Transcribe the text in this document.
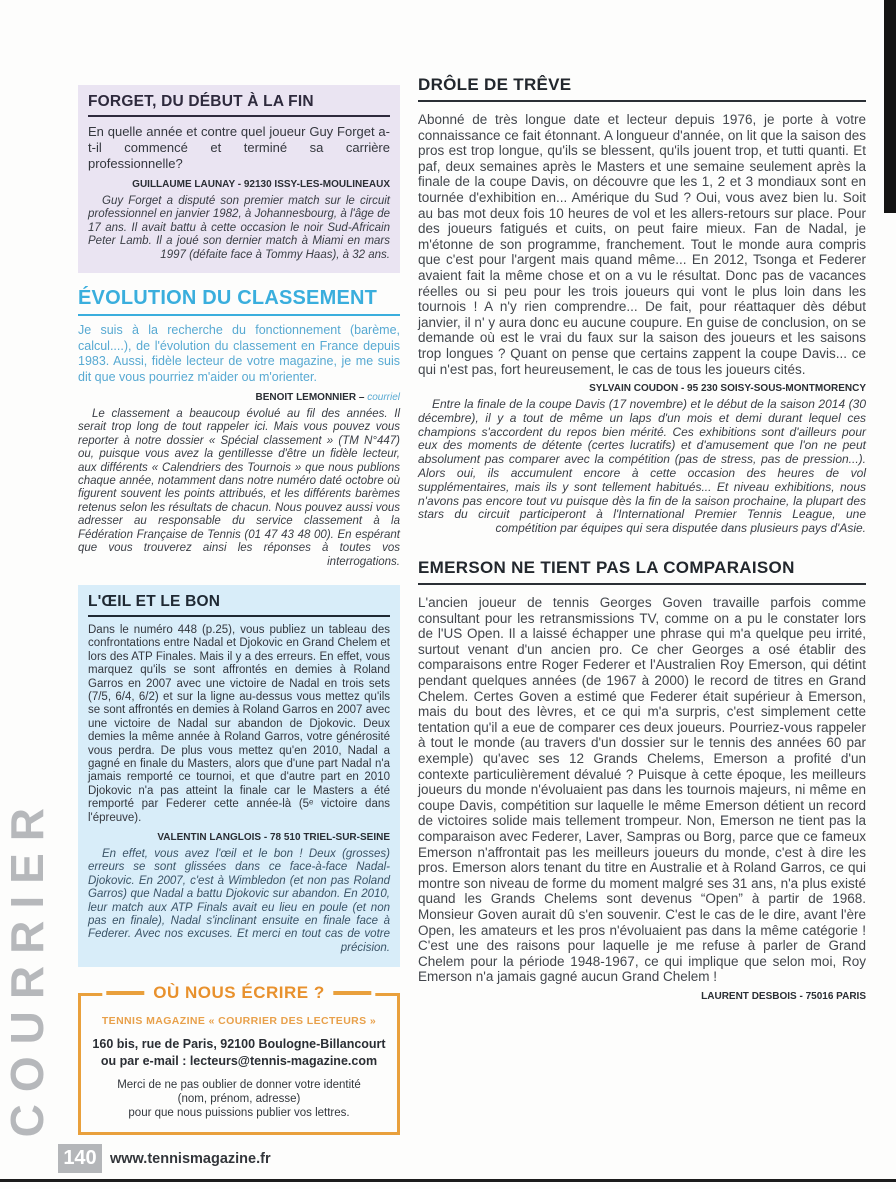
COURRIER
FORGET, DU DÉBUT À LA FIN

En quelle année et contre quel joueur Guy Forget a-t-il commencé et terminé sa carrière professionnelle?

GUILLAUME LAUNAY - 92130 ISSY-LES-MOULINEAUX

Guy Forget a disputé son premier match sur le circuit professionnel en janvier 1982, à Johannesbourg, à l'âge de 17 ans. Il avait battu à cette occasion le noir Sud-Africain Peter Lamb. Il a joué son dernier match à Miami en mars 1997 (défaite face à Tommy Haas), à 32 ans.

ÉVOLUTION DU CLASSEMENT

Je suis à la recherche du fonctionnement (barème, calcul....), de l'évolution du classement en France depuis 1983. Aussi, fidèle lecteur de votre magazine, je me suis dit que vous pourriez m'aider ou m'orienter.

BENOIT LEMONNIER – courriel

Le classement a beaucoup évolué au fil des années. Il serait trop long de tout rappeler ici. Mais vous pouvez vous reporter à notre dossier « Spécial classement » (TM N°447) ou, puisque vous avez la gentillesse d'être un fidèle lecteur, aux différents « Calendriers des Tournois » que nous publions chaque année, notamment dans notre numéro daté octobre où figurent souvent les points attribués, et les différents barèmes retenus selon les résultats de chacun. Nous pouvez aussi vous adresser au responsable du service classement à la Fédération Française de Tennis (01 47 43 48 00). En espérant que vous trouverez ainsi les réponses à toutes vos interrogations.

L'ŒIL ET LE BON

Dans le numéro 448 (p.25), vous publiez un tableau des confrontations entre Nadal et Djokovic en Grand Chelem et lors des ATP Finales. Mais il y a des erreurs. En effet, vous marquez qu'ils se sont affrontés en demies à Roland Garros en 2007 avec une victoire de Nadal en trois sets (7/5, 6/4, 6/2) et sur la ligne au-dessus vous mettez qu'ils se sont affrontés en demies à Roland Garros en 2007 avec une victoire de Nadal sur abandon de Djokovic. Deux demies la même année à Roland Garros, votre générosité vous perdra. De plus vous mettez qu'en 2010, Nadal a gagné en finale du Masters, alors que d'une part Nadal n'a jamais remporté ce tournoi, et que d'autre part en 2010 Djokovic n'a pas atteint la finale car le Masters a été remporté par Federer cette année-là (5ᵉ victoire dans l'épreuve).

VALENTIN LANGLOIS - 78 510 TRIEL-SUR-SEINE

En effet, vous avez l'œil et le bon ! Deux (grosses) erreurs se sont glissées dans ce face-à-face Nadal-Djokovic. En 2007, c'est à Wimbledon (et non pas Roland Garros) que Nadal a battu Djokovic sur abandon. En 2010, leur match aux ATP Finals avait eu lieu en poule (et non pas en finale), Nadal s'inclinant ensuite en finale face à Federer. Avec nos excuses. Et merci en tout cas de votre précision.

OÙ NOUS ÉCRIRE ?

TENNIS MAGAZINE « COURRIER DES LECTEURS »

160 bis, rue de Paris, 92100 Boulogne-Billancourt
ou par e-mail : lecteurs@tennis-magazine.com

Merci de ne pas oublier de donner votre identité
(nom, prénom, adresse)
pour que nous puissions publier vos lettres.

DRÔLE DE TRÊVE

Abonné de très longue date et lecteur depuis 1976, je porte à votre connaissance ce fait étonnant. A longueur d'année, on lit que la saison des pros est trop longue, qu'ils se blessent, qu'ils jouent trop, et tutti quanti. Et paf, deux semaines après le Masters et une semaine seulement après la finale de la coupe Davis, on découvre que les 1, 2 et 3 mondiaux sont en tournée d'exhibition en... Amérique du Sud ? Oui, vous avez bien lu. Soit au bas mot deux fois 10 heures de vol et les allers-retours sur place. Pour des joueurs fatigués et cuits, on peut faire mieux. Fan de Nadal, je m'étonne de son programme, franchement. Tout le monde aura compris que c'est pour l'argent mais quand même... En 2012, Tsonga et Federer avaient fait la même chose et on a vu le résultat. Donc pas de vacances réelles ou si peu pour les trois joueurs qui vont le plus loin dans les tournois ! A n'y rien comprendre... De fait, pour réattaquer dès début janvier, il n' y aura donc eu aucune coupure. En guise de conclusion, on se demande où est le vrai du faux sur la saison des joueurs et les saisons trop longues ? Quant on pense que certains zappent la coupe Davis... ce qui n'est pas, fort heureusement, le cas de tous les joueurs cités.

SYLVAIN COUDON - 95 230 SOISY-SOUS-MONTMORENCY

Entre la finale de la coupe Davis (17 novembre) et le début de la saison 2014 (30 décembre), il y a tout de même un laps d'un mois et demi durant lequel ces champions s'accordent du repos bien mérité. Ces exhibitions sont d'ailleurs pour eux des moments de détente (certes lucratifs) et d'amusement que l'on ne peut absolument pas comparer avec la compétition (pas de stress, pas de pression...). Alors oui, ils accumulent encore à cette occasion des heures de vol supplémentaires, mais ils y sont tellement habitués... Et niveau exhibitions, nous n'avons pas encore tout vu puisque dès la fin de la saison prochaine, la plupart des stars du circuit participeront à l'International Premier Tennis League, une compétition par équipes qui sera disputée dans plusieurs pays d'Asie.

EMERSON NE TIENT PAS LA COMPARAISON

L'ancien joueur de tennis Georges Goven travaille parfois comme consultant pour les retransmissions TV, comme on a pu le constater lors de l'US Open. Il a laissé échapper une phrase qui m'a quelque peu irrité, surtout venant d'un ancien pro. Ce cher Georges a osé établir des comparaisons entre Roger Federer et l'Australien Roy Emerson, qui détint pendant quelques années (de 1967 à 2000) le record de titres en Grand Chelem. Certes Goven a estimé que Federer était supérieur à Emerson, mais du bout des lèvres, et ce qui m'a surpris, c'est simplement cette tentation qu'il a eue de comparer ces deux joueurs. Pourriez-vous rappeler à tout le monde (au travers d'un dossier sur le tennis des années 60 par exemple) qu'avec ses 12 Grands Chelems, Emerson a profité d'un contexte particulièrement dévalué ? Puisque à cette époque, les meilleurs joueurs du monde n'évoluaient pas dans les tournois majeurs, ni même en coupe Davis, compétition sur laquelle le même Emerson détient un record de victoires solide mais tellement trompeur. Non, Emerson ne tient pas la comparaison avec Federer, Laver, Sampras ou Borg, parce que ce fameux Emerson n'affrontait pas les meilleurs joueurs du monde, c'est à dire les pros. Emerson alors tenant du titre en Australie et à Roland Garros, ce qui montre son niveau de forme du moment malgré ses 31 ans, n'a plus existé quand les Grands Chelems sont devenus “Open” à partir de 1968. Monsieur Goven aurait dû s'en souvenir. C'est le cas de le dire, avant l'ère Open, les amateurs et les pros n'évoluaient pas dans la même catégorie ! C'est une des raisons pour laquelle je me refuse à parler de Grand Chelem pour la période 1948-1967, ce qui implique que selon moi, Roy Emerson n'a jamais gagné aucun Grand Chelem !

LAURENT DESBOIS - 75016 PARIS
140 www.tennismagazine.fr
